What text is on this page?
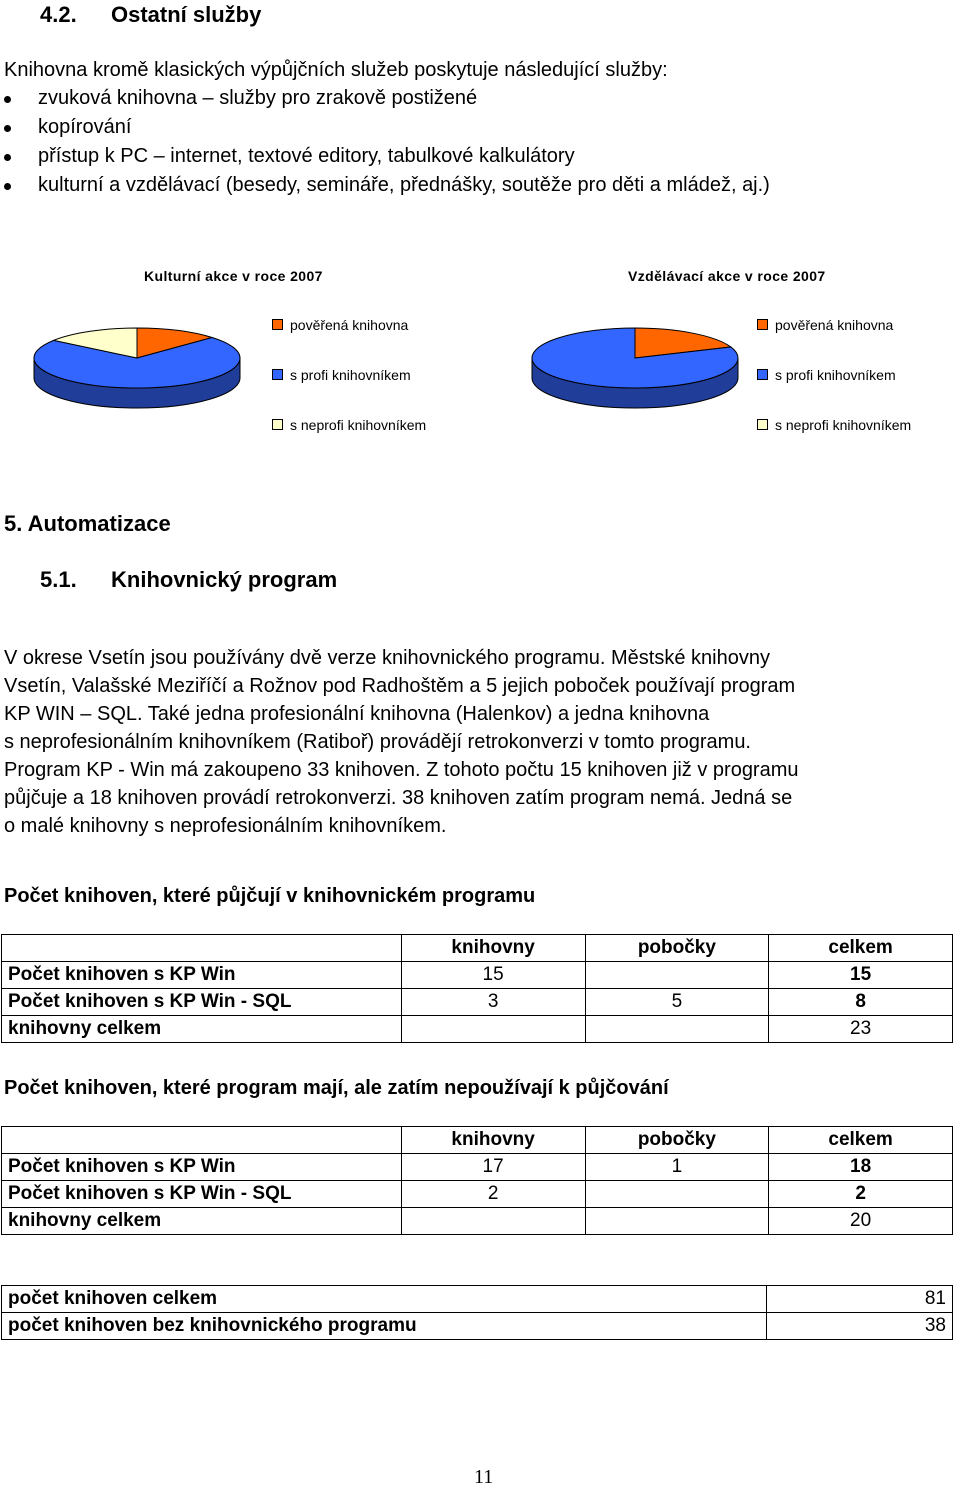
4.2. Ostatní služby
Knihovna kromě klasických výpůjčních služeb poskytuje následující služby:
zvuková knihovna – služby pro zrakově postižené
kopírování
přístup k PC – internet, textové editory, tabulkové kalkulátory
kulturní a vzdělávací (besedy, semináře, přednášky, soutěže pro děti a mládež, aj.)
Kulturní akce v roce 2007
pověřená knihovna
s profi knihovníkem
s neprofi knihovníkem
Vzdělávací akce v roce 2007
pověřená knihovna
s profi knihovníkem
s neprofi knihovníkem
5. Automatizace
5.1. Knihovnický program
V okrese Vsetín jsou používány dvě verze knihovnického programu. Městské knihovny
Vsetín, Valašské Meziříčí a Rožnov pod Radhoštěm a 5 jejich poboček používají program
KP WIN – SQL. Také jedna profesionální knihovna (Halenkov) a jedna knihovna
s neprofesionálním knihovníkem (Ratiboř) provádějí retrokonverzi v tomto programu.
Program KP - Win má zakoupeno 33 knihoven. Z tohoto počtu 15 knihoven již v programu
půjčuje a 18 knihoven provádí retrokonverzi. 38 knihoven zatím program nemá. Jedná se
o malé knihovny s neprofesionálním knihovníkem.
Počet knihoven, které půjčují v knihovnickém programu
	knihovny	pobočky	celkem
Počet knihoven s KP Win	15		15
Počet knihoven s KP Win - SQL	3	5	8
knihovny celkem			23
Počet knihoven, které program mají, ale zatím nepoužívají k půjčování
	knihovny	pobočky	celkem
Počet knihoven s KP Win	17	1	18
Počet knihoven s KP Win - SQL	2		2
knihovny celkem			20
počet knihoven celkem	81
počet knihoven bez knihovnického programu	38
11
